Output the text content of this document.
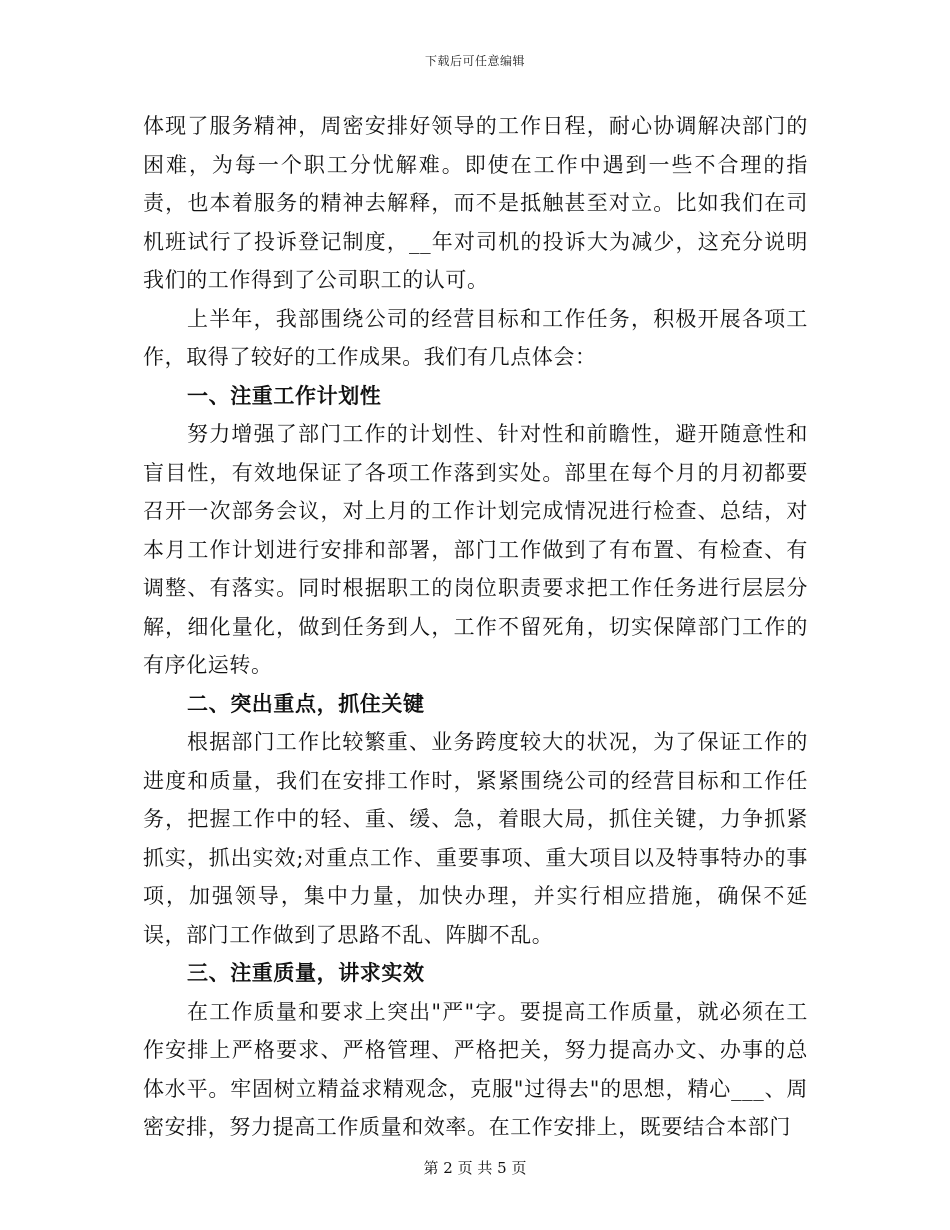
下载后可任意编辑

体现了服务精神，周密安排好领导的工作日程，耐心协调解决部门的困难，为每一个职工分忧解难。即使在工作中遇到一些不合理的指责，也本着服务的精神去解释，而不是抵触甚至对立。比如我们在司机班试行了投诉登记制度，__年对司机的投诉大为减少，这充分说明我们的工作得到了公司职工的认可。

上半年，我部围绕公司的经营目标和工作任务，积极开展各项工作，取得了较好的工作成果。我们有几点体会：

一、注重工作计划性

努力增强了部门工作的计划性、针对性和前瞻性，避开随意性和盲目性，有效地保证了各项工作落到实处。部里在每个月的月初都要召开一次部务会议，对上月的工作计划完成情况进行检查、总结，对本月工作计划进行安排和部署，部门工作做到了有布置、有检查、有调整、有落实。同时根据职工的岗位职责要求把工作任务进行层层分解，细化量化，做到任务到人，工作不留死角，切实保障部门工作的有序化运转。

二、突出重点，抓住关键

根据部门工作比较繁重、业务跨度较大的状况，为了保证工作的进度和质量，我们在安排工作时，紧紧围绕公司的经营目标和工作任务，把握工作中的轻、重、缓、急，着眼大局，抓住关键，力争抓紧抓实，抓出实效;对重点工作、重要事项、重大项目以及特事特办的事项，加强领导，集中力量，加快办理，并实行相应措施，确保不延误，部门工作做到了思路不乱、阵脚不乱。

三、注重质量，讲求实效

在工作质量和要求上突出"严"字。要提高工作质量，就必须在工作安排上严格要求、严格管理、严格把关，努力提高办文、办事的总体水平。牢固树立精益求精观念，克服"过得去"的思想，精心___、周密安排，努力提高工作质量和效率。在工作安排上，既要结合本部门

第 2 页 共 5 页
